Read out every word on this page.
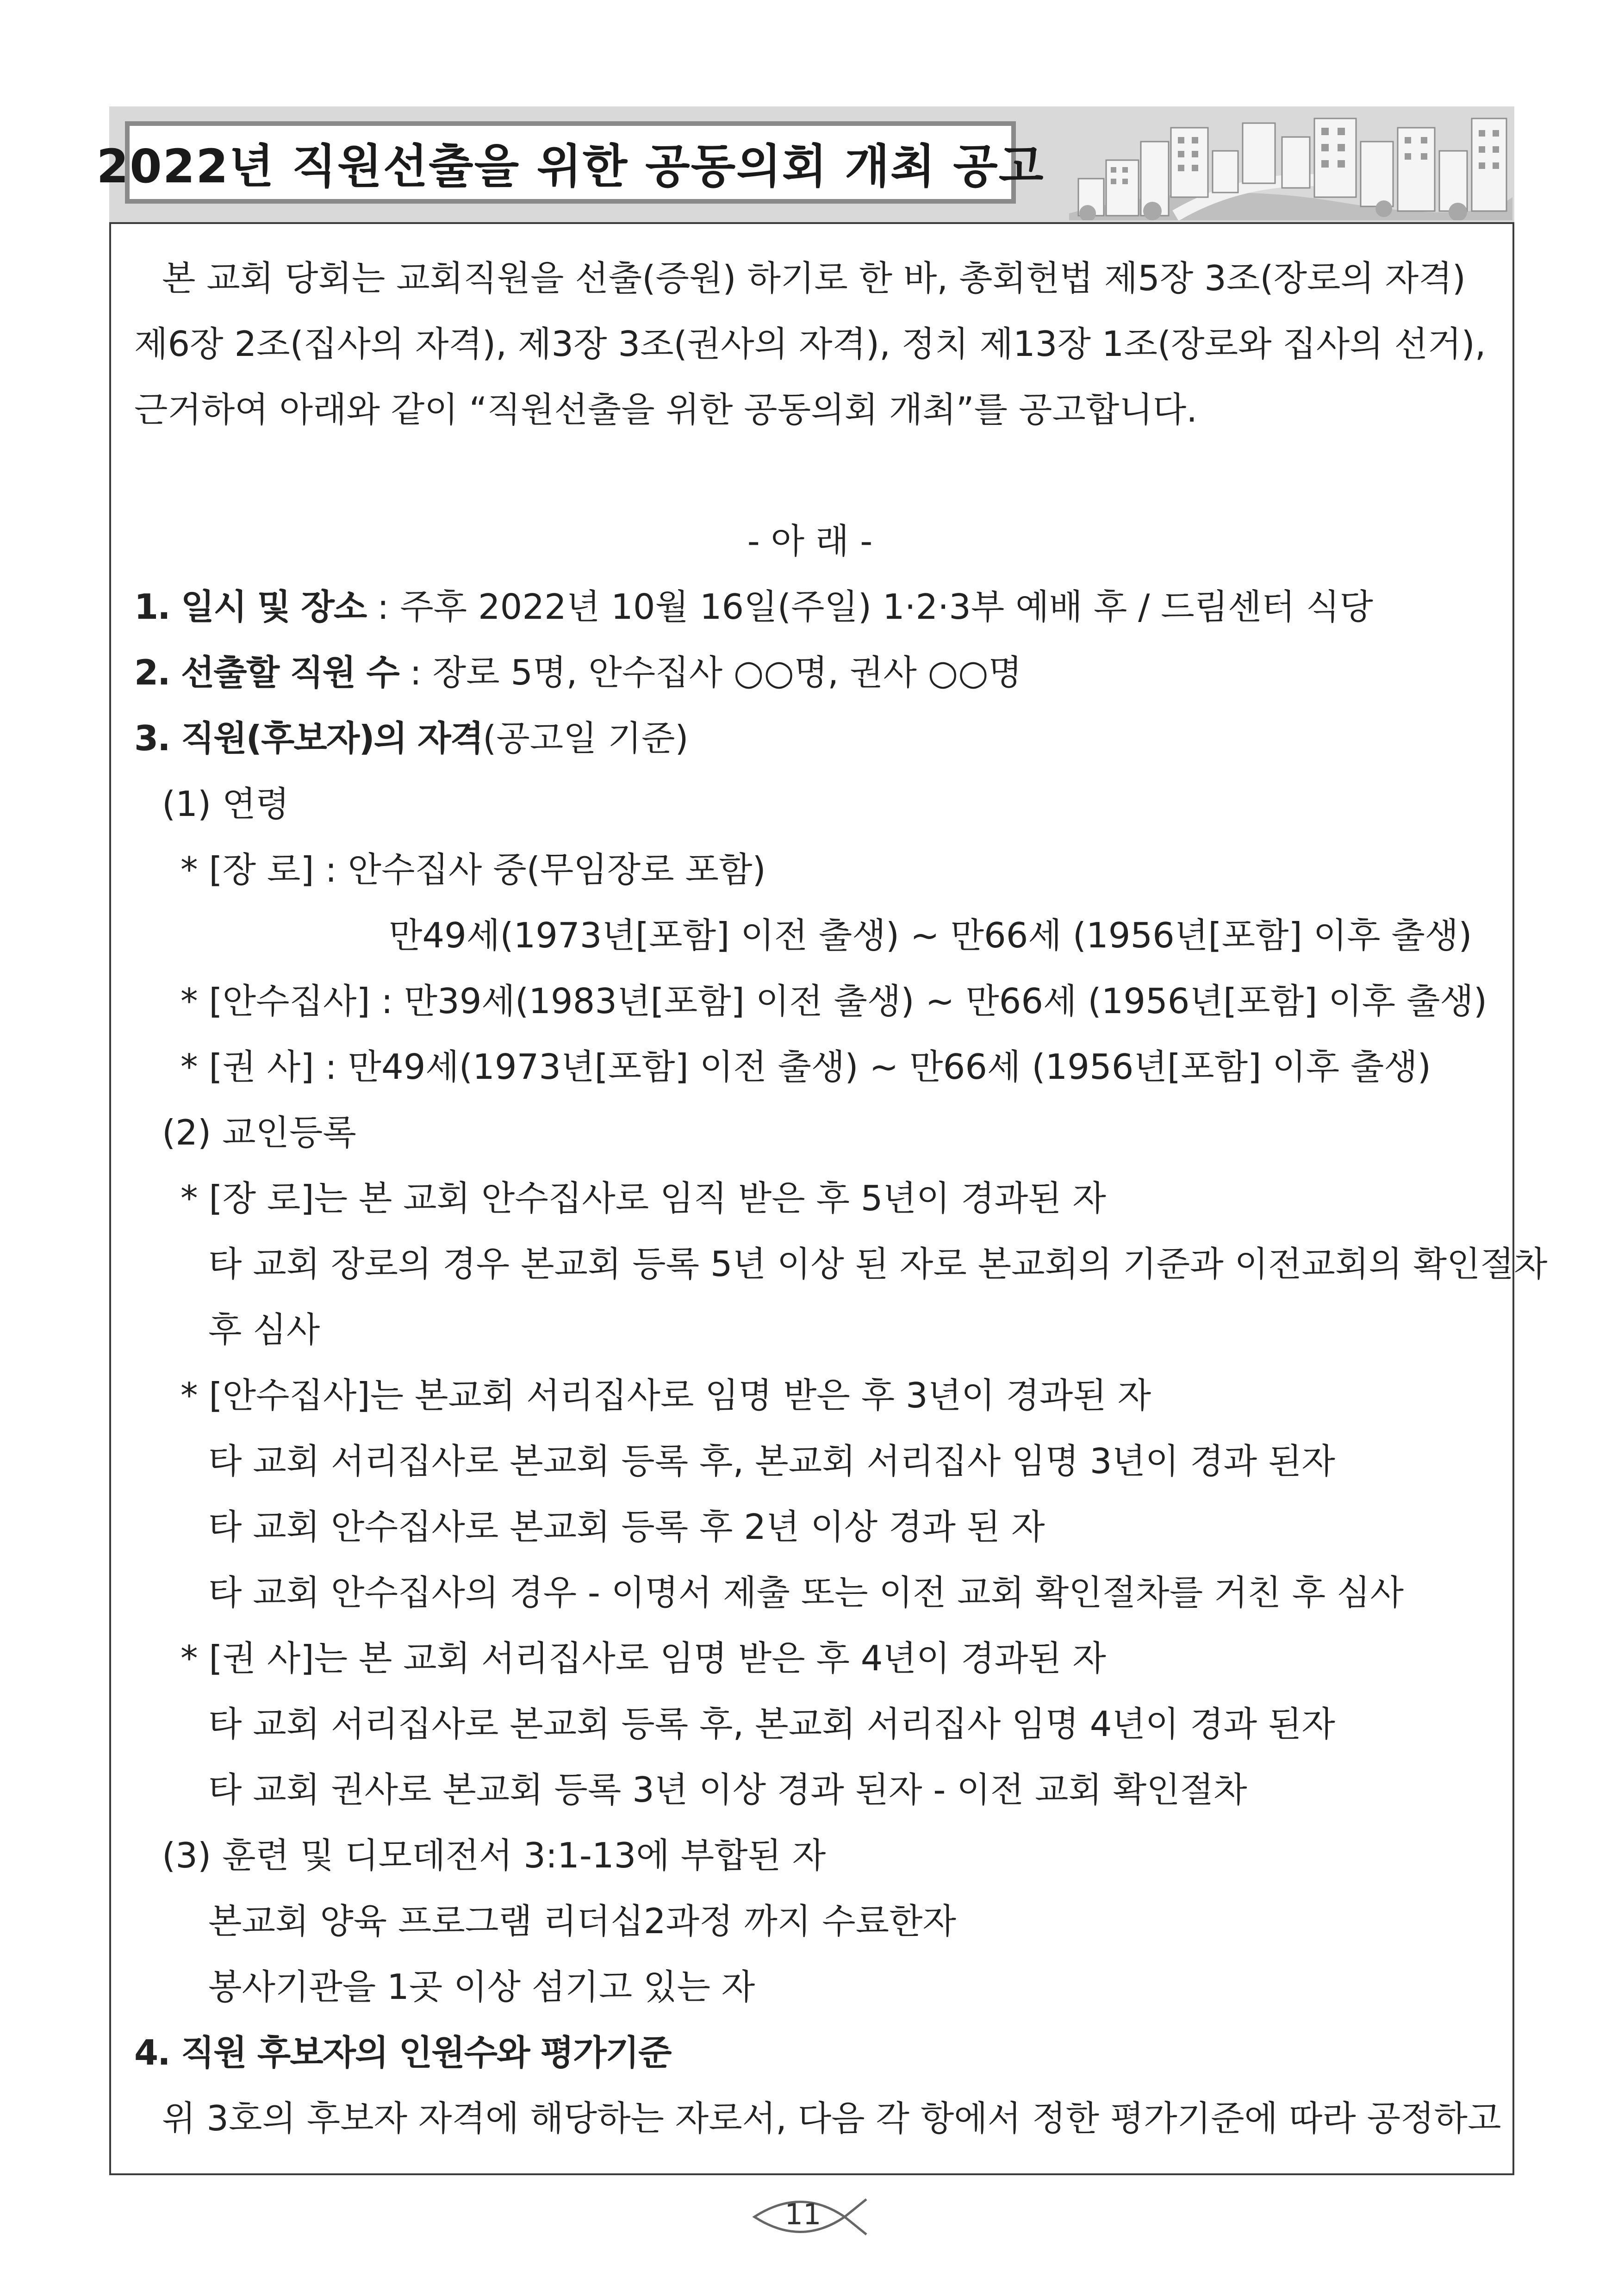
2022년 직원선출을 위한 공동의회 개최 공고
본 교회 당회는 교회직원을 선출(증원) 하기로 한 바, 총회헌법 제5장 3조(장로의 자격) 제6장 2조(집사의 자격), 제3장 3조(권사의 자격), 정치 제13장 1조(장로와 집사의 선거), 근거하여 아래와 같이 “직원선출을 위한 공동의회 개최”를 공고합니다.
- 아 래 -
1. 일시 및 장소 : 주후 2022년 10월 16일(주일) 1·2·3부 예배 후 / 드림센터 식당
2. 선출할 직원 수 : 장로 5명, 안수집사 ○○명, 권사 ○○명
3. 직원(후보자)의 자격(공고일 기준)
(1) 연령
* [장 로] : 안수집사 중(무임장로 포함)
만49세(1973년[포함] 이전 출생) ~ 만66세 (1956년[포함] 이후 출생)
* [안수집사] : 만39세(1983년[포함] 이전 출생) ~ 만66세 (1956년[포함] 이후 출생)
* [권 사] : 만49세(1973년[포함] 이전 출생) ~ 만66세 (1956년[포함] 이후 출생)
(2) 교인등록
* [장 로]는 본 교회 안수집사로 임직 받은 후 5년이 경과된 자
타 교회 장로의 경우 본교회 등록 5년 이상 된 자로 본교회의 기준과 이전교회의 확인절차
후 심사
* [안수집사]는 본교회 서리집사로 임명 받은 후 3년이 경과된 자
타 교회 서리집사로 본교회 등록 후, 본교회 서리집사 임명 3년이 경과 된자
타 교회 안수집사로 본교회 등록 후 2년 이상 경과 된 자
타 교회 안수집사의 경우 - 이명서 제출 또는 이전 교회 확인절차를 거친 후 심사
* [권 사]는 본 교회 서리집사로 임명 받은 후 4년이 경과된 자
타 교회 서리집사로 본교회 등록 후, 본교회 서리집사 임명 4년이 경과 된자
타 교회 권사로 본교회 등록 3년 이상 경과 된자 - 이전 교회 확인절차
(3) 훈련 및 디모데전서 3:1-13에 부합된 자
본교회 양육 프로그램 리더십2과정 까지 수료한자
봉사기관을 1곳 이상 섬기고 있는 자
4. 직원 후보자의 인원수와 평가기준
위 3호의 후보자 자격에 해당하는 자로서, 다음 각 항에서 정한 평가기준에 따라 공정하고
11
